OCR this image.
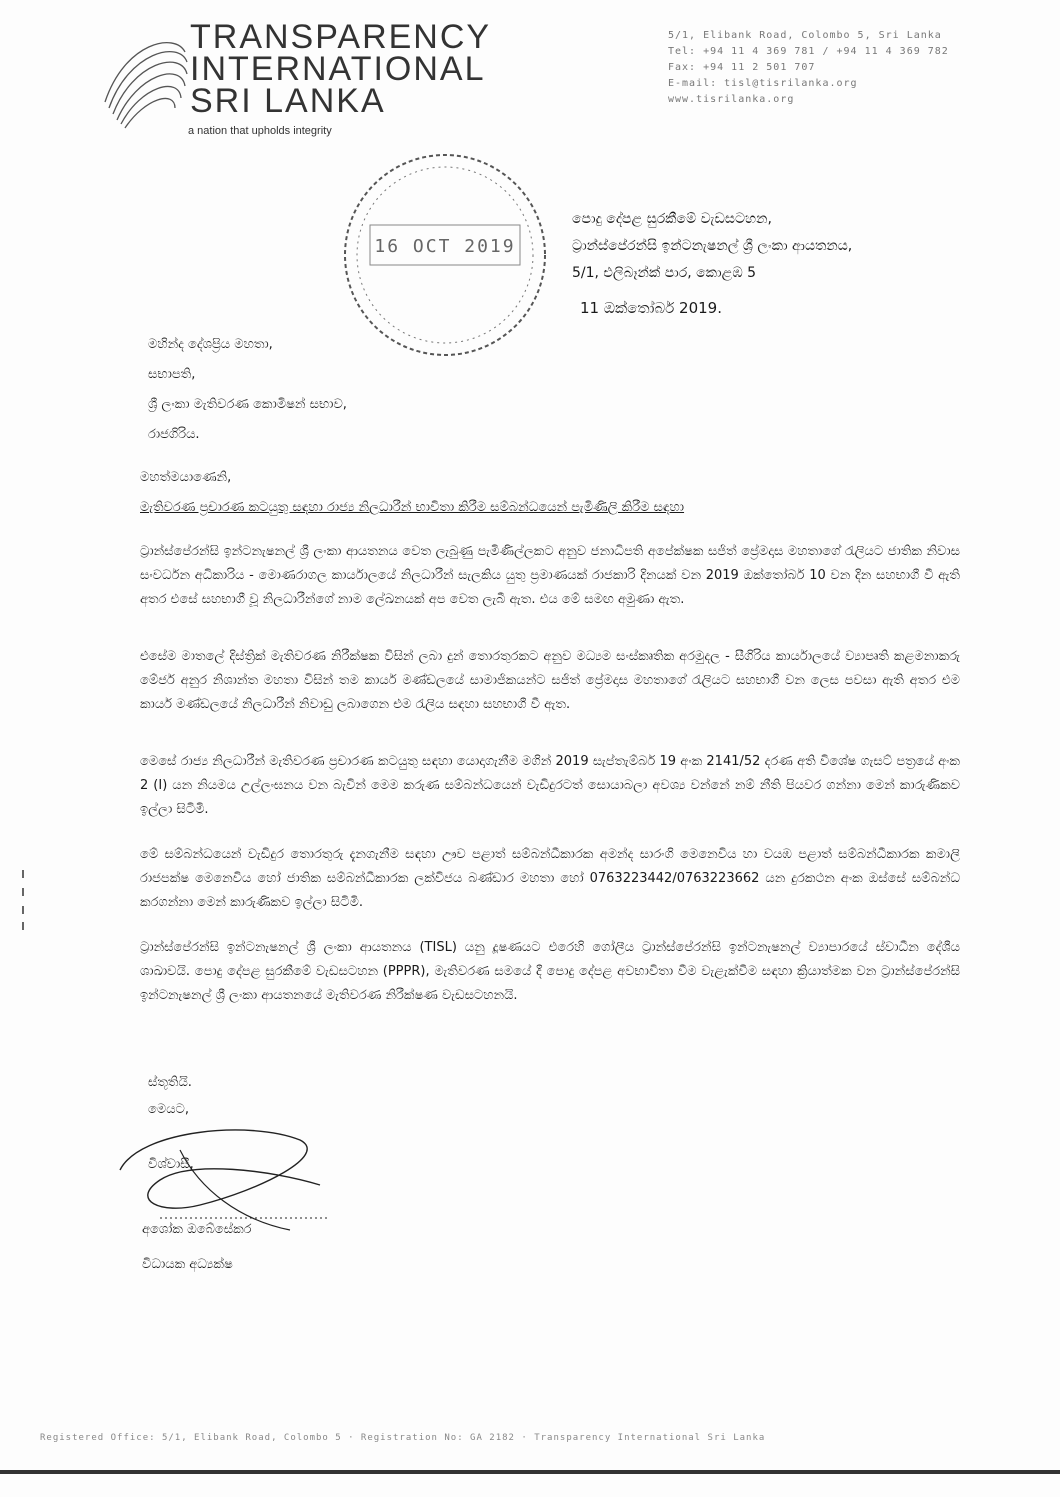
TRANSPARENCY
INTERNATIONAL
SRI LANKA
a nation that upholds integrity
5/1, Elibank Road, Colombo 5, Sri Lanka
Tel: +94 11 4 369 781 / +94 11 4 369 782
Fax: +94 11 2 501 707
E-mail: tisl@tisrilanka.org
www.tisrilanka.org
16 OCT 2019
පොදු දේපළ සුරකීමේ වැඩසටහන,
ට්‍රාන්ස්පේරන්සි ඉන්ටනැෂනල් ශ්‍රී ලංකා ආයතනය,
5/1, එලිබෑන්ක් පාර, කොළඹ 5
11 ඔක්තෝබර් 2019.
මහින්ද දේශප්‍රිය මහතා,
සභාපති,
ශ්‍රී ලංකා මැතිවරණ කොමිෂන් සභාව,
රාජගිරිය.
මහත්මයාණෙනි,
මැතිවරණ ප්‍රචාරණ කටයුතු සඳහා රාජ්‍ය නිලධාරීන් භාවිතා කිරීම සම්බන්ධයෙන් පැමිණිලි කිරීම සඳහා
ට්‍රාන්ස්පේරන්සි ඉන්ටනැෂනල් ශ්‍රී ලංකා ආයතනය වෙත ලැබුණු පැමිණිල්ලකට අනුව ජනාධිපති අපේක්ෂක සජිත් ප්‍රේමදාස මහතාගේ රැලියට ජාතික නිවාස සංවර්ධන අධිකාරිය - මොණරාගල කාර්යාලයේ නිලධාරීන් සැලකිය යුතු ප්‍රමාණයක් රාජකාරි දිනයක් වන 2019 ඔක්තෝබර් 10 වන දින සහභාගී වී ඇති අතර එසේ සහභාගී වූ නිලධාරීන්ගේ නාම ලේඛනයක් අප වෙත ලැබී ඇත. එය මේ සමඟ අමුණා ඇත.
එසේම මාතලේ දිස්ත්‍රික් මැතිවරණ නිරීක්ෂක විසින් ලබා දුන් තොරතුරකට අනුව මධ්‍යම සංස්කෘතික අරමුදල - සීගිරිය කාර්යාලයේ ව්‍යාපෘති කළමනාකරු මේජර් අනුර නිශාන්ත මහතා විසින් තම කාර්ය මණ්ඩලයේ සාමාජිකයන්ට සජිත් ප්‍රේමදාස මහතාගේ රැලියට සහභාගී වන ලෙස පවසා ඇති අතර එම කාර්ය මණ්ඩලයේ නිලධාරීන් නිවාඩු ලබාගෙන එම රැලිය සඳහා සහභාගී වී ඇත.
මෙසේ රාජ්‍ය නිලධාරීන් මැතිවරණ ප්‍රචාරණ කටයුතු සඳහා යොදාගැනීම මගින් 2019 සැප්තැම්බර් 19 අංක 2141/52 දරණ අති විශේෂ ගැසට් පත්‍රයේ අංක 2 (I) යන නියමය උල්ලංඝනය වන බැවින් මෙම කරුණ සම්බන්ධයෙන් වැඩිදුරටත් සොයාබලා අවශ්‍ය වන්නේ නම් නීති පියවර ගන්නා මෙන් කාරුණිකව ඉල්ලා සිටිමි.
මේ සම්බන්ධයෙන් වැඩිදුර තොරතුරු දැනගැනීම සඳහා ඌව පළාත් සම්බන්ධීකාරක අමන්ද සාරංගි මෙනෙවිය හා වයඹ පළාත් සම්බන්ධීකාරක කමාලි රාජපක්ෂ මෙනෙවිය හෝ ජාතික සම්බන්ධීකාරක ලක්විජය බණ්ඩාර මහතා හෝ 0763223442/0763223662 යන දුරකථන අංක ඔස්සේ සම්බන්ධ කරගන්නා මෙන් කාරුණිකව ඉල්ලා සිටිමි.
ට්‍රාන්ස්පේරන්සි ඉන්ටනැෂනල් ශ්‍රී ලංකා ආයතනය (TISL) යනු දූෂණයට එරෙහි ගෝලීය ට්‍රාන්ස්පේරන්සි ඉන්ටනැෂනල් ව්‍යාපාරයේ ස්වාධීන දේශීය ශාඛාවයි. පොදු දේපළ සුරකීමේ වැඩසටහන (PPPR), මැතිවරණ සමයේ දී පොදු දේපළ අවභාවිතා වීම වැළැක්වීම සඳහා ක්‍රියාත්මක වන ට්‍රාන්ස්පේරන්සි ඉන්ටනැෂනල් ශ්‍රී ලංකා ආයතනයේ මැතිවරණ නිරීක්ෂණ වැඩසටහනයි.
ස්තූතියි.
මෙයට,
විශ්වාසී,
අශෝක ඔබේසේකර
විධායක අධ්‍යක්ෂ
Registered Office: 5/1, Elibank Road, Colombo 5 · Registration No: GA 2182 · Transparency International Sri Lanka
